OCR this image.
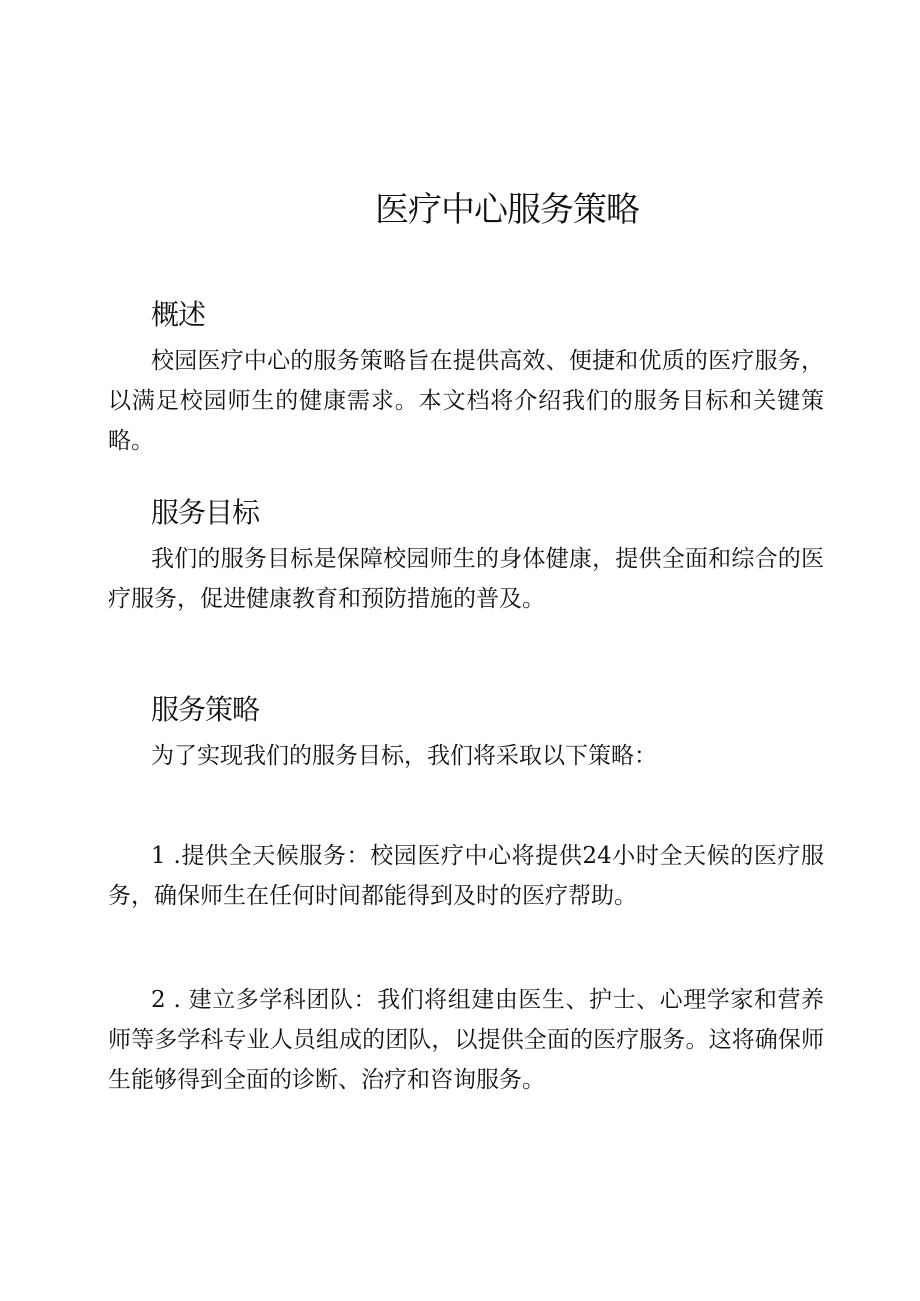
医疗中心服务策略
概述

校园医疗中心的服务策略旨在提供高效、便捷和优质的医疗服务，以满足校园师生的健康需求。本文档将介绍我们的服务目标和关键策略。

服务目标

我们的服务目标是保障校园师生的身体健康，提供全面和综合的医疗服务，促进健康教育和预防措施的普及。

服务策略

为了实现我们的服务目标，我们将采取以下策略：

1 .提供全天候服务：校园医疗中心将提供24小时全天候的医疗服务，确保师生在任何时间都能得到及时的医疗帮助。

2 . 建立多学科团队：我们将组建由医生、护士、心理学家和营养师等多学科专业人员组成的团队，以提供全面的医疗服务。这将确保师生能够得到全面的诊断、治疗和咨询服务。
